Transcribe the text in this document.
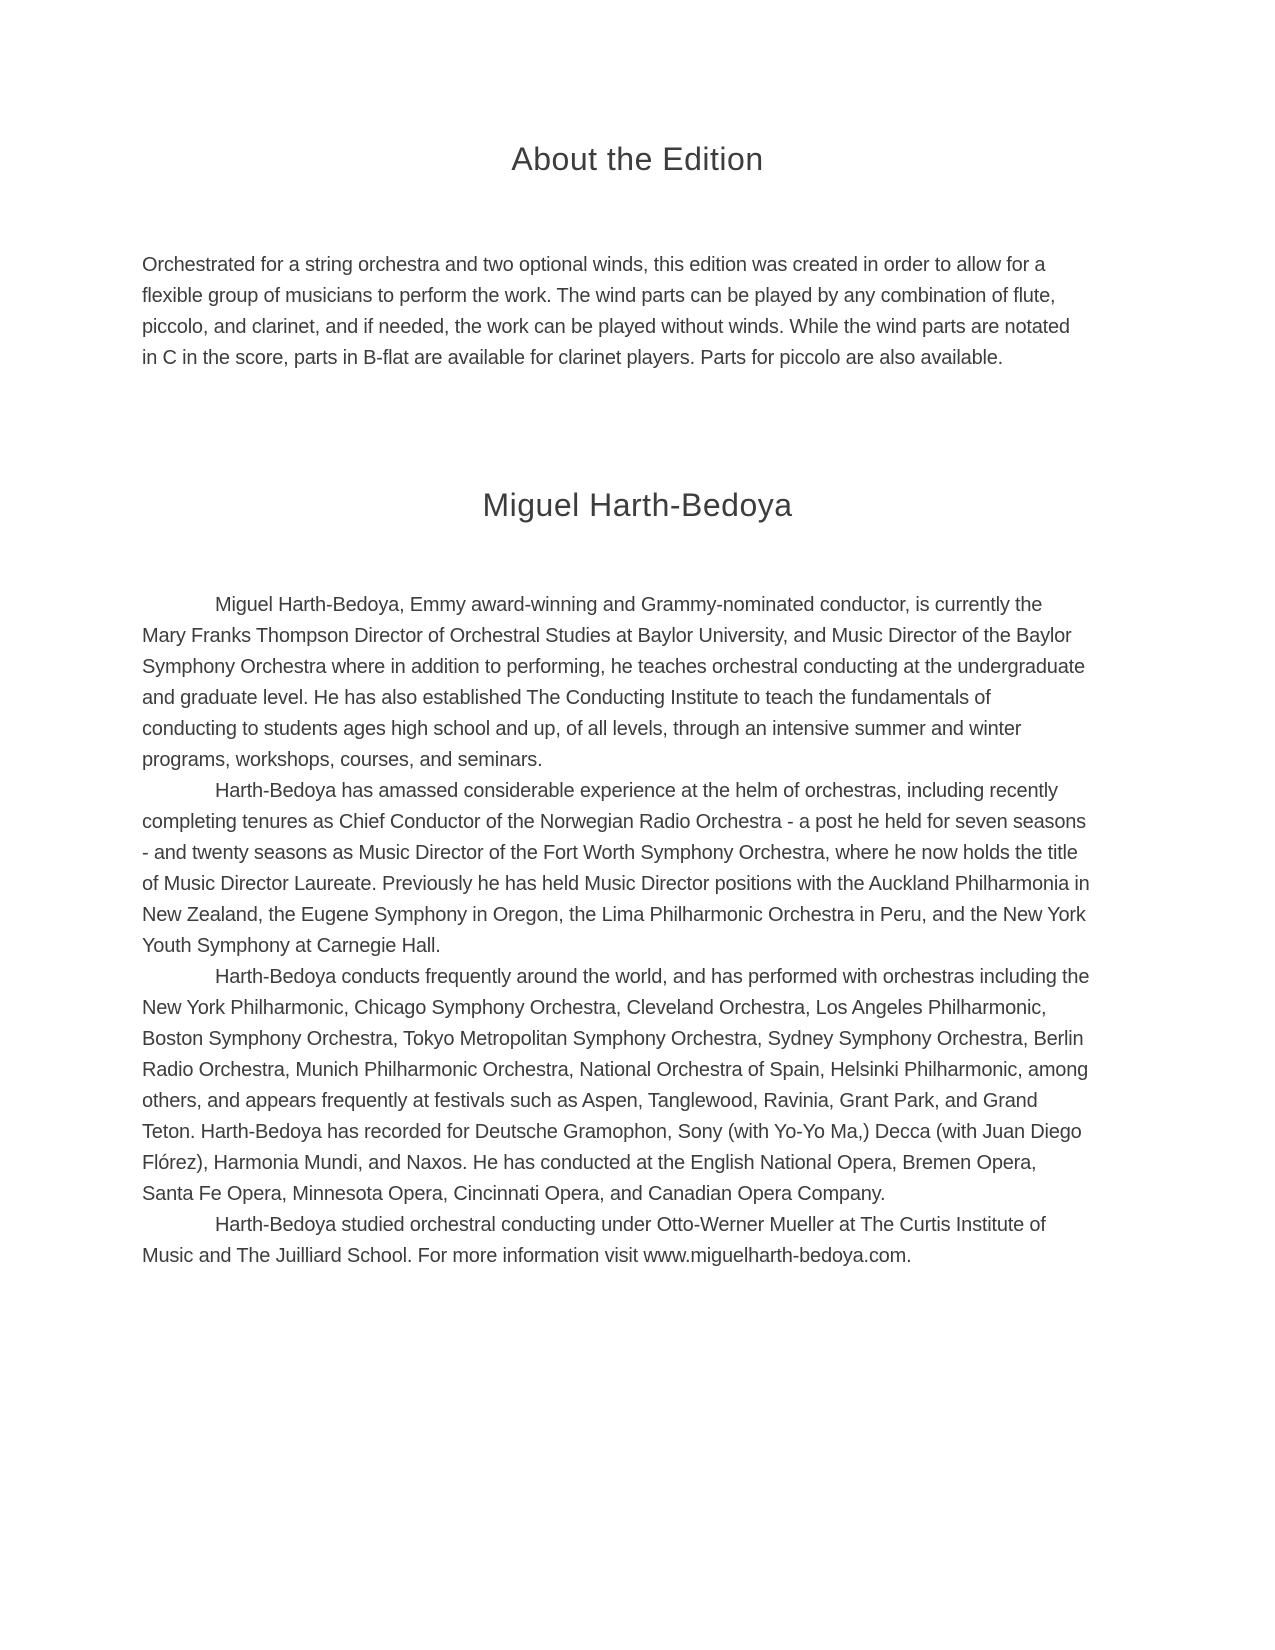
About the Edition

Orchestrated for a string orchestra and two optional winds, this edition was created in order to allow for a flexible group of musicians to perform the work. The wind parts can be played by any combination of flute, piccolo, and clarinet, and if needed, the work can be played without winds. While the wind parts are notated in C in the score, parts in B-flat are available for clarinet players. Parts for piccolo are also available.

Miguel Harth-Bedoya

Miguel Harth-Bedoya, Emmy award-winning and Grammy-nominated conductor, is currently the Mary Franks Thompson Director of Orchestral Studies at Baylor University, and Music Director of the Baylor Symphony Orchestra where in addition to performing, he teaches orchestral conducting at the undergraduate and graduate level. He has also established The Conducting Institute to teach the fundamentals of conducting to students ages high school and up, of all levels, through an intensive summer and winter programs, workshops, courses, and seminars.

Harth-Bedoya has amassed considerable experience at the helm of orchestras, including recently completing tenures as Chief Conductor of the Norwegian Radio Orchestra - a post he held for seven seasons - and twenty seasons as Music Director of the Fort Worth Symphony Orchestra, where he now holds the title of Music Director Laureate. Previously he has held Music Director positions with the Auckland Philharmonia in New Zealand, the Eugene Symphony in Oregon, the Lima Philharmonic Orchestra in Peru, and the New York Youth Symphony at Carnegie Hall.

Harth-Bedoya conducts frequently around the world, and has performed with orchestras including the New York Philharmonic, Chicago Symphony Orchestra, Cleveland Orchestra, Los Angeles Philharmonic, Boston Symphony Orchestra, Tokyo Metropolitan Symphony Orchestra, Sydney Symphony Orchestra, Berlin Radio Orchestra, Munich Philharmonic Orchestra, National Orchestra of Spain, Helsinki Philharmonic, among others, and appears frequently at festivals such as Aspen, Tanglewood, Ravinia, Grant Park, and Grand Teton. Harth-Bedoya has recorded for Deutsche Gramophon, Sony (with Yo-Yo Ma,) Decca (with Juan Diego Flórez), Harmonia Mundi, and Naxos. He has conducted at the English National Opera, Bremen Opera, Santa Fe Opera, Minnesota Opera, Cincinnati Opera, and Canadian Opera Company.

Harth-Bedoya studied orchestral conducting under Otto-Werner Mueller at The Curtis Institute of Music and The Juilliard School. For more information visit www.miguelharth-bedoya.com.
